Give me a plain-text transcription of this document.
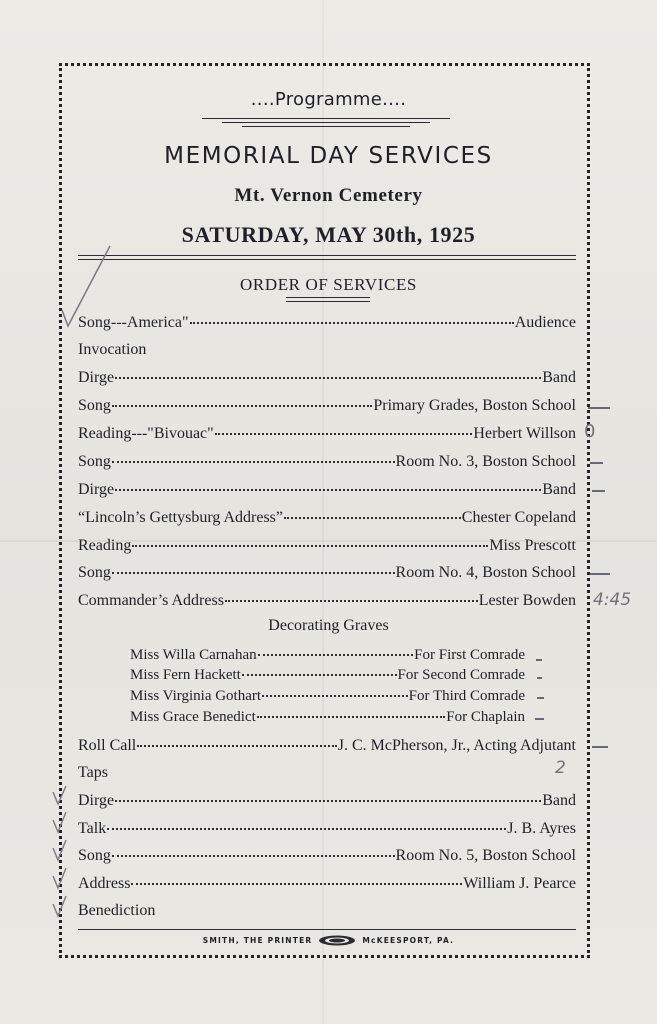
....Programme....
MEMORIAL DAY SERVICES
Mt. Vernon Cemetery
SATURDAY, MAY 30th, 1925
ORDER OF SERVICES
Song---America"	Audience
Invocation
Dirge	Band
Song	Primary Grades, Boston School
Reading---"Bivouac"	Herbert Willson
Song	Room No. 3, Boston School
Dirge	Band
“Lincoln’s Gettysburg Address”	Chester Copeland
Reading	Miss Prescott
Song	Room No. 4, Boston School
Commander’s Address	Lester Bowden
Decorating Graves
Miss Willa Carnahan	For First Comrade
Miss Fern Hackett	For Second Comrade
Miss Virginia Gothart	For Third Comrade
Miss Grace Benedict	For Chaplain
Roll Call	J. C. McPherson, Jr., Acting Adjutant
Taps
Dirge	Band
Talk	J. B. Ayres
Song	Room No. 5, Boston School
Address	William J. Pearce
Benediction
SMITH, THE PRINTER	McKEESPORT, PA.
0
4:45
2
